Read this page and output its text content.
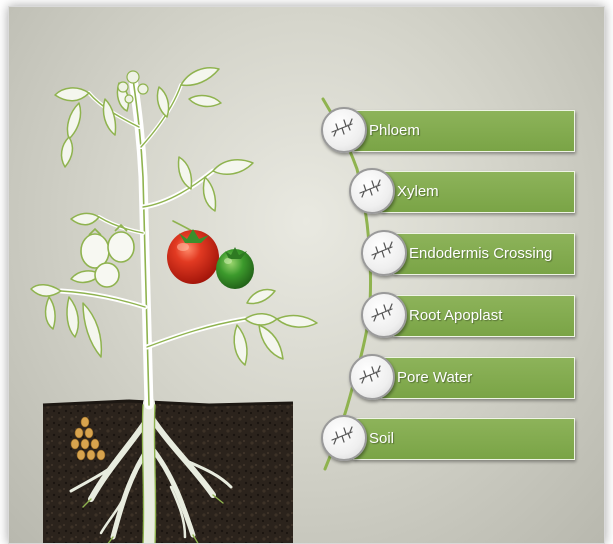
Phloem
Xylem
Endodermis Crossing
Root Apoplast
Pore Water
Soil
